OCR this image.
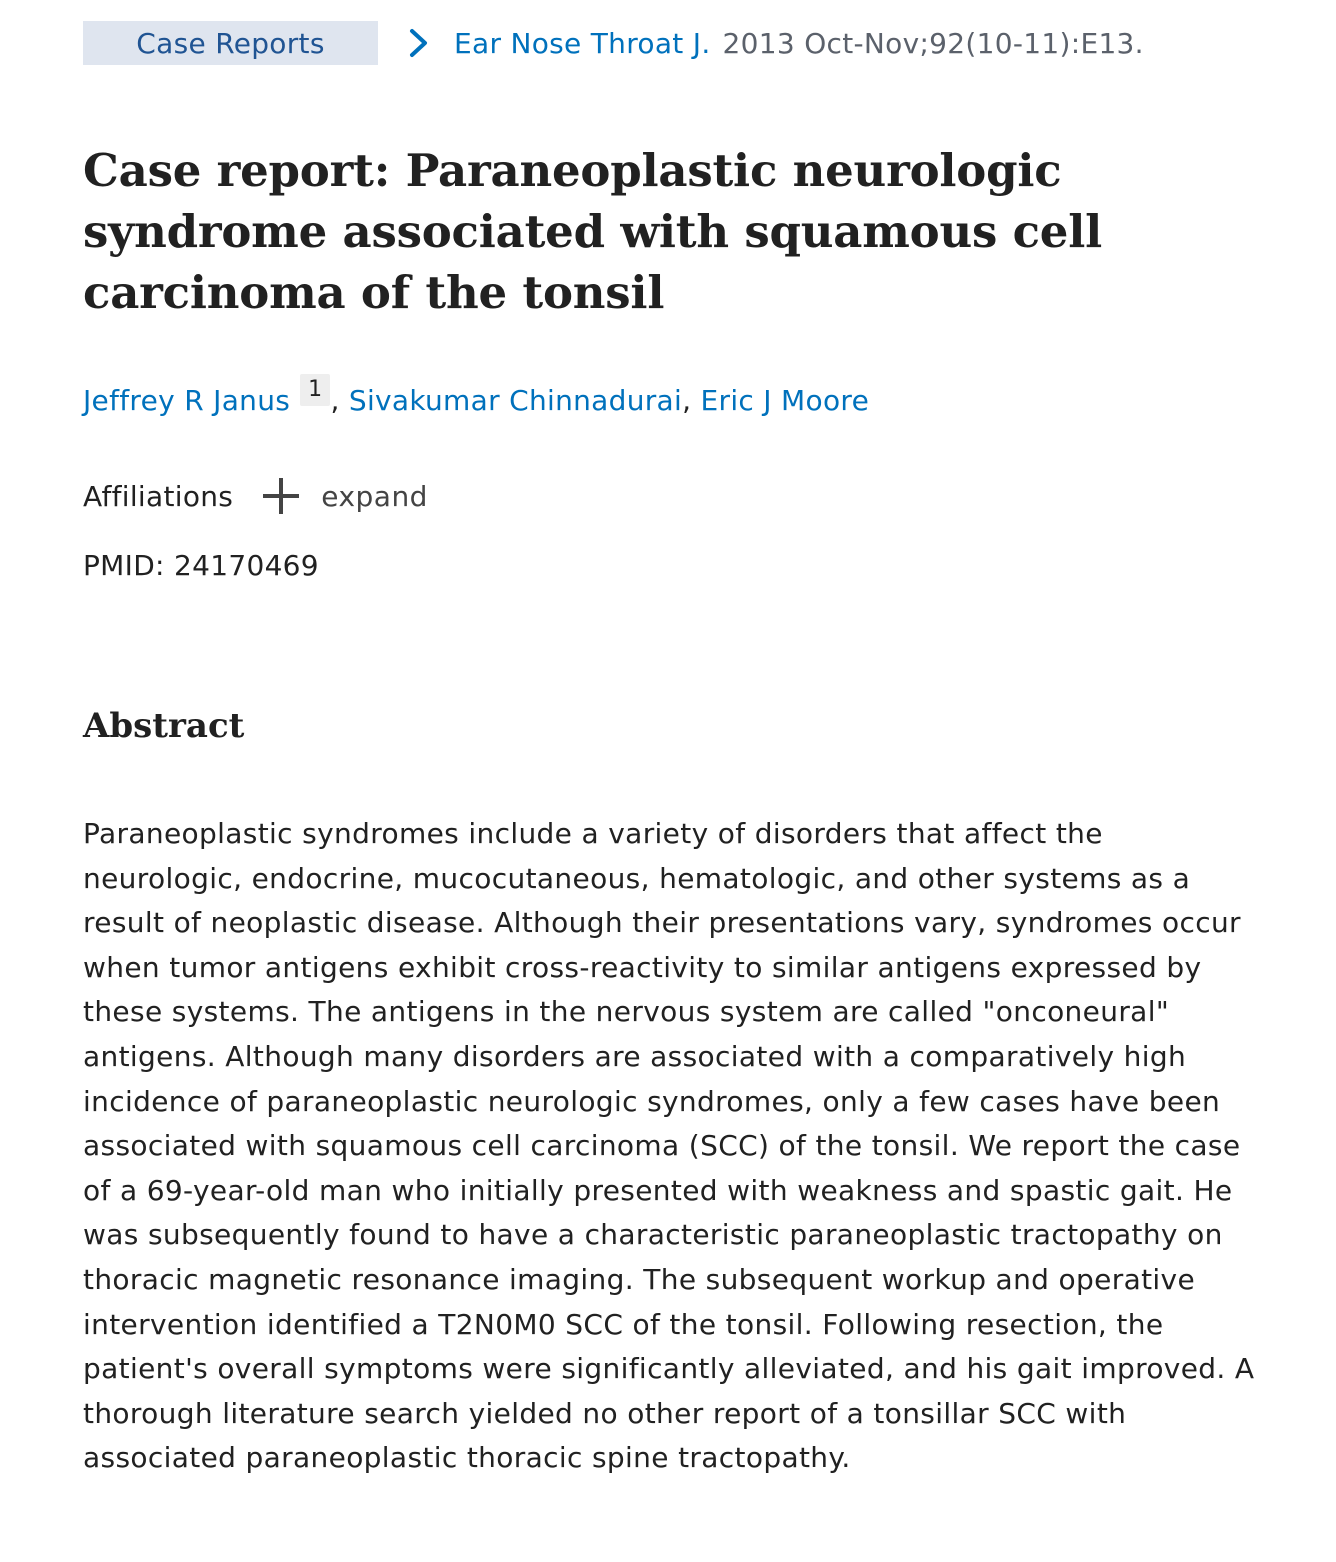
Case Reports	Ear Nose Throat J. 2013 Oct-Nov;92(10-11):E13.
Case report: Paraneoplastic neurologic syndrome associated with squamous cell carcinoma of the tonsil
Jeffrey R Janus 1 , Sivakumar Chinnadurai, Eric J Moore
Affiliations	expand
PMID: 24170469
Abstract

Paraneoplastic syndromes include a variety of disorders that affect the neurologic, endocrine, mucocutaneous, hematologic, and other systems as a result of neoplastic disease. Although their presentations vary, syndromes occur when tumor antigens exhibit cross-reactivity to similar antigens expressed by these systems. The antigens in the nervous system are called "onconeural" antigens. Although many disorders are associated with a comparatively high incidence of paraneoplastic neurologic syndromes, only a few cases have been associated with squamous cell carcinoma (SCC) of the tonsil. We report the case of a 69-year-old man who initially presented with weakness and spastic gait. He was subsequently found to have a characteristic paraneoplastic tractopathy on thoracic magnetic resonance imaging. The subsequent workup and operative intervention identified a T2N0M0 SCC of the tonsil. Following resection, the patient's overall symptoms were significantly alleviated, and his gait improved. A thorough literature search yielded no other report of a tonsillar SCC with associated paraneoplastic thoracic spine tractopathy.
